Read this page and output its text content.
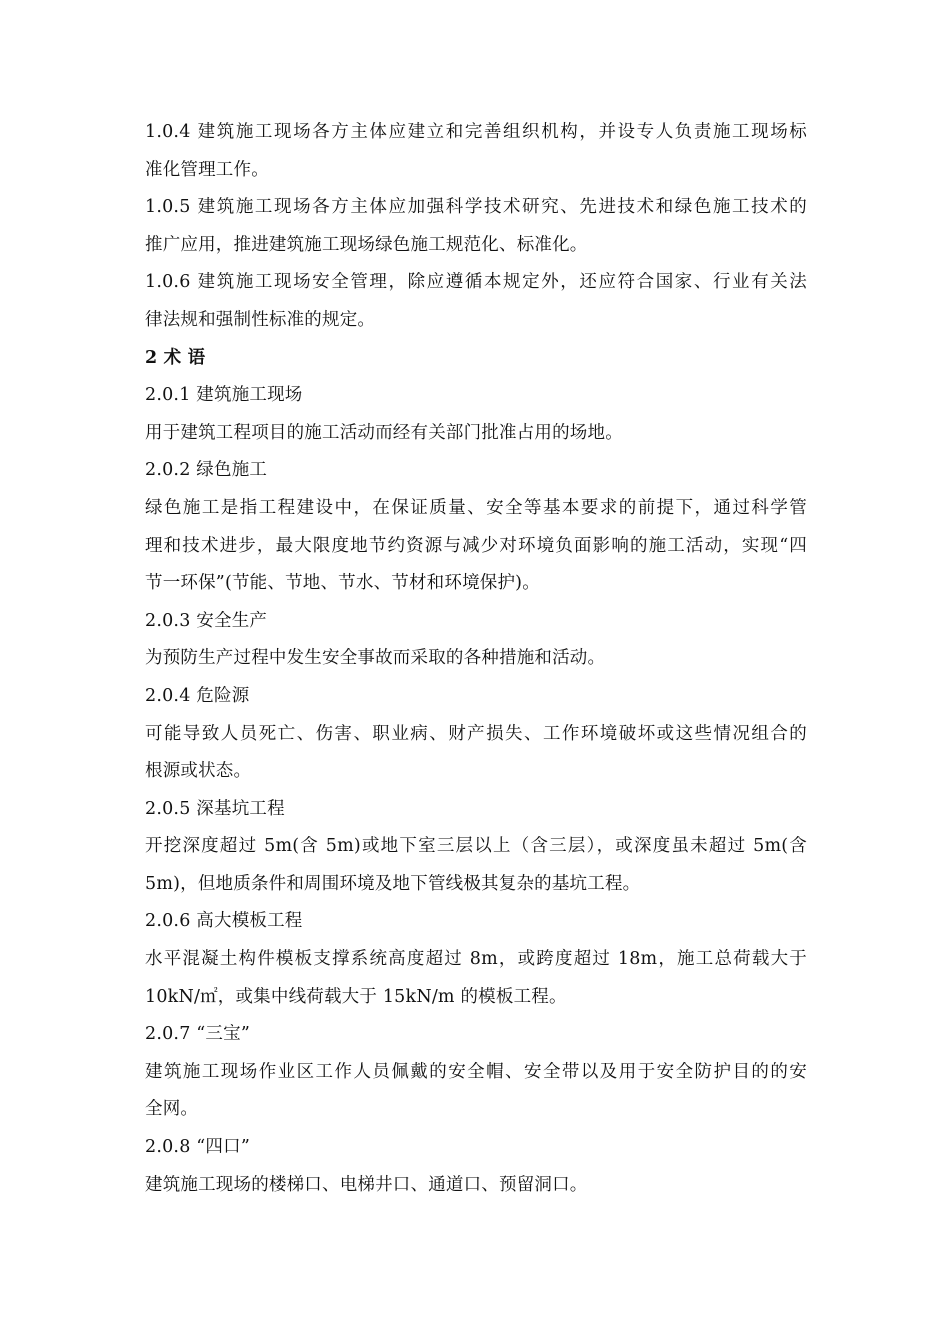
1.0.4 建筑施工现场各方主体应建立和完善组织机构，并设专人负责施工现场标
准化管理工作。
1.0.5 建筑施工现场各方主体应加强科学技术研究、先进技术和绿色施工技术的
推广应用，推进建筑施工现场绿色施工规范化、标准化。
1.0.6 建筑施工现场安全管理，除应遵循本规定外，还应符合国家、行业有关法
律法规和强制性标准的规定。
2 术 语
2.0.1 建筑施工现场
用于建筑工程项目的施工活动而经有关部门批准占用的场地。
2.0.2 绿色施工
绿色施工是指工程建设中，在保证质量、安全等基本要求的前提下，通过科学管
理和技术进步，最大限度地节约资源与减少对环境负面影响的施工活动，实现“四
节一环保”(节能、节地、节水、节材和环境保护)。
2.0.3 安全生产
为预防生产过程中发生安全事故而采取的各种措施和活动。
2.0.4 危险源
可能导致人员死亡、伤害、职业病、财产损失、工作环境破坏或这些情况组合的
根源或状态。
2.0.5 深基坑工程
开挖深度超过 5m(含 5m)或地下室三层以上（含三层），或深度虽未超过 5m(含
5m)，但地质条件和周围环境及地下管线极其复杂的基坑工程。
2.0.6 高大模板工程
水平混凝土构件模板支撑系统高度超过 8m，或跨度超过 18m，施工总荷载大于
10kN/㎡，或集中线荷载大于 15kN/m 的模板工程。
2.0.7 “三宝”
建筑施工现场作业区工作人员佩戴的安全帽、安全带以及用于安全防护目的的安
全网。
2.0.8 “四口”
建筑施工现场的楼梯口、电梯井口、通道口、预留洞口。
